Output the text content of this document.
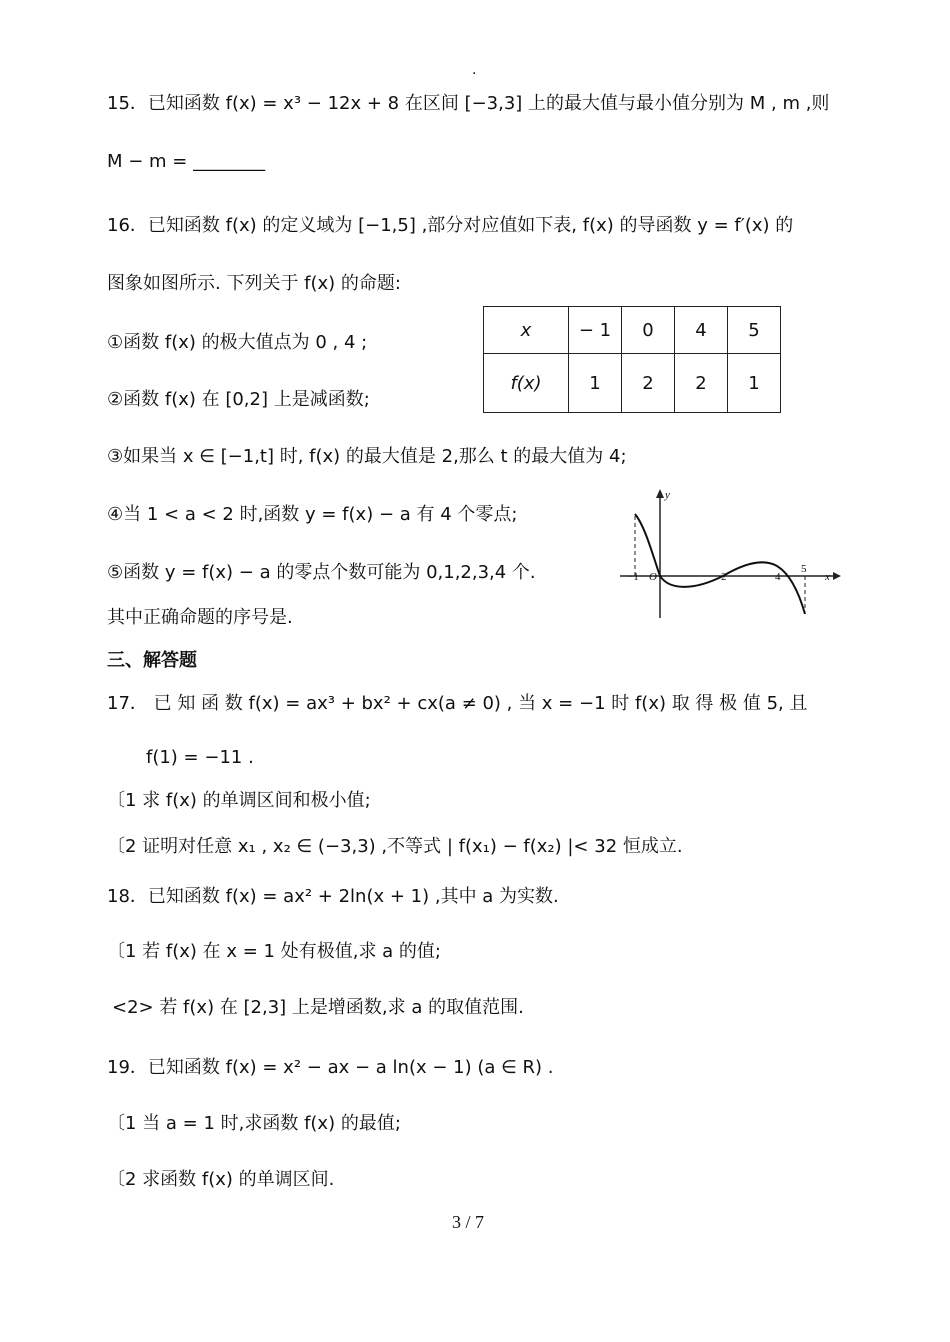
.
15．已知函数 f(x) = x³ − 12x + 8 在区间 [−3,3] 上的最大值与最小值分别为 M , m ,则
M − m = ________
16．已知函数 f(x) 的定义域为 [−1,5] ,部分对应值如下表, f(x) 的导函数 y = f′(x) 的
图象如图所示. 下列关于 f(x) 的命题:
①函数 f(x) 的极大值点为 0 , 4 ;
②函数 f(x) 在 [0,2] 上是减函数;
③如果当 x ∈ [−1,t] 时, f(x) 的最大值是 2,那么 t 的最大值为 4;
④当 1 < a < 2 时,函数 y = f(x) − a 有 4 个零点;
⑤函数 y = f(x) − a 的零点个数可能为 0,1,2,3,4 个.
其中正确命题的序号是.
x	− 1	0	4	5
f(x)	1	2	2	1
−1 O	2	4
5
x
y
三、解答题
17． 已 知 函 数 f(x) = ax³ + bx² + cx(a ≠ 0) , 当 x = −1 时 f(x) 取 得 极 值 5, 且
f(1) = −11 .
〔1 求 f(x) 的单调区间和极小值;
〔2 证明对任意 x₁ , x₂ ∈ (−3,3) ,不等式 | f(x₁) − f(x₂) |< 32 恒成立.
18．已知函数 f(x) = ax² + 2ln(x + 1) ,其中 a 为实数.
〔1 若 f(x) 在 x = 1 处有极值,求 a 的值;
<2> 若 f(x) 在 [2,3] 上是增函数,求 a 的取值范围.
19．已知函数 f(x) = x² − ax − a ln(x − 1) (a ∈ R) .
〔1 当 a = 1 时,求函数 f(x) 的最值;
〔2 求函数 f(x) 的单调区间.
3 / 7
